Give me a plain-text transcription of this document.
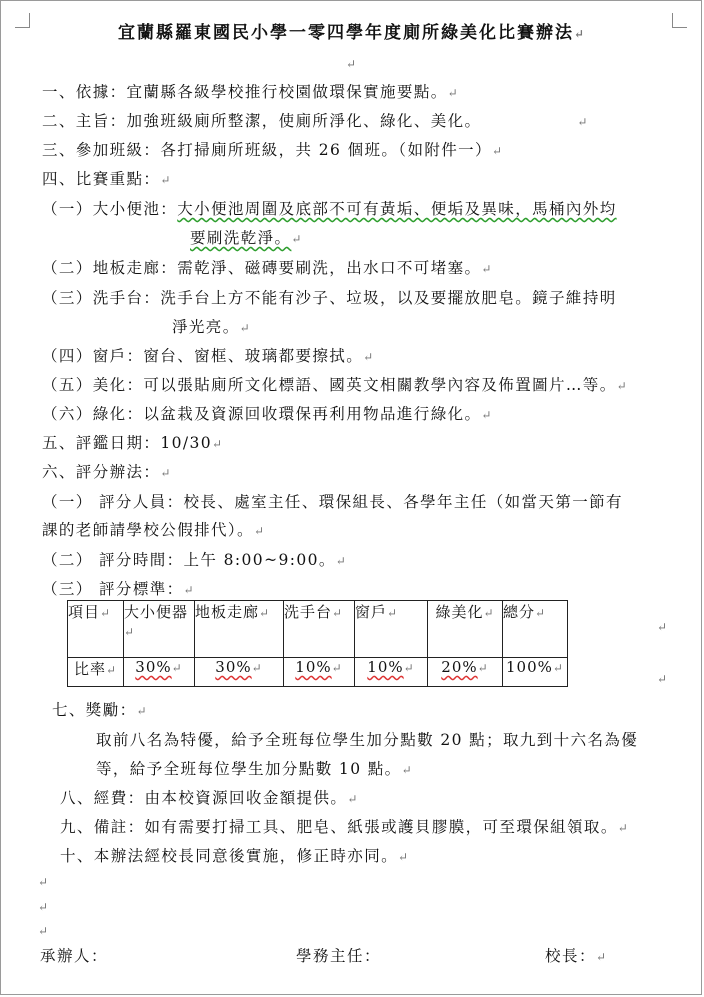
宜蘭縣羅東國民小學一零四學年度廁所綠美化比賽辦法↵
↵
一、依據：宜蘭縣各級學校推行校園做環保實施要點。↵
二、主旨：加強班級廁所整潔，使廁所淨化、綠化、美化。	↵
三、參加班級：各打掃廁所班級，共 26 個班。（如附件一）↵
四、比賽重點：↵
（一）大小便池：大小便池周圍及底部不可有黃垢、便垢及異味，馬桶內外均
要刷洗乾淨。↵
（二）地板走廊：需乾淨、磁磚要刷洗，出水口不可堵塞。↵
（三）洗手台：洗手台上方不能有沙子、垃圾，以及要擺放肥皂。鏡子維持明
淨光亮。↵
（四）窗戶：窗台、窗框、玻璃都要擦拭。↵
（五）美化：可以張貼廁所文化標語、國英文相關教學內容及佈置圖片…等。↵
（六）綠化：以盆栽及資源回收環保再利用物品進行綠化。↵
五、評鑑日期：10/30↵
六、評分辦法：↵
（一） 評分人員：校長、處室主任、環保組長、各學年主任（如當天第一節有
課的老師請學校公假排代）。↵
（二） 評分時間：上午 8:00~9:00。↵
（三） 評分標準：↵
項目↵	大小便器↵	地板走廊↵	洗手台↵	窗戶↵	綠美化↵	總分↵
比率↵	30%↵	30%↵	10%↵	10%↵	20%↵	100%↵
↵
↵
七、獎勵：↵
取前八名為特優，給予全班每位學生加分點數 20 點；取九到十六名為優
等，給予全班每位學生加分點數 10 點。↵
八、經費：由本校資源回收金額提供。↵
九、備註：如有需要打掃工具、肥皂、紙張或護貝膠膜，可至環保組領取。↵
十、本辦法經校長同意後實施，修正時亦同。↵
↵
↵
↵
承辦人：	學務主任：	校長：↵
